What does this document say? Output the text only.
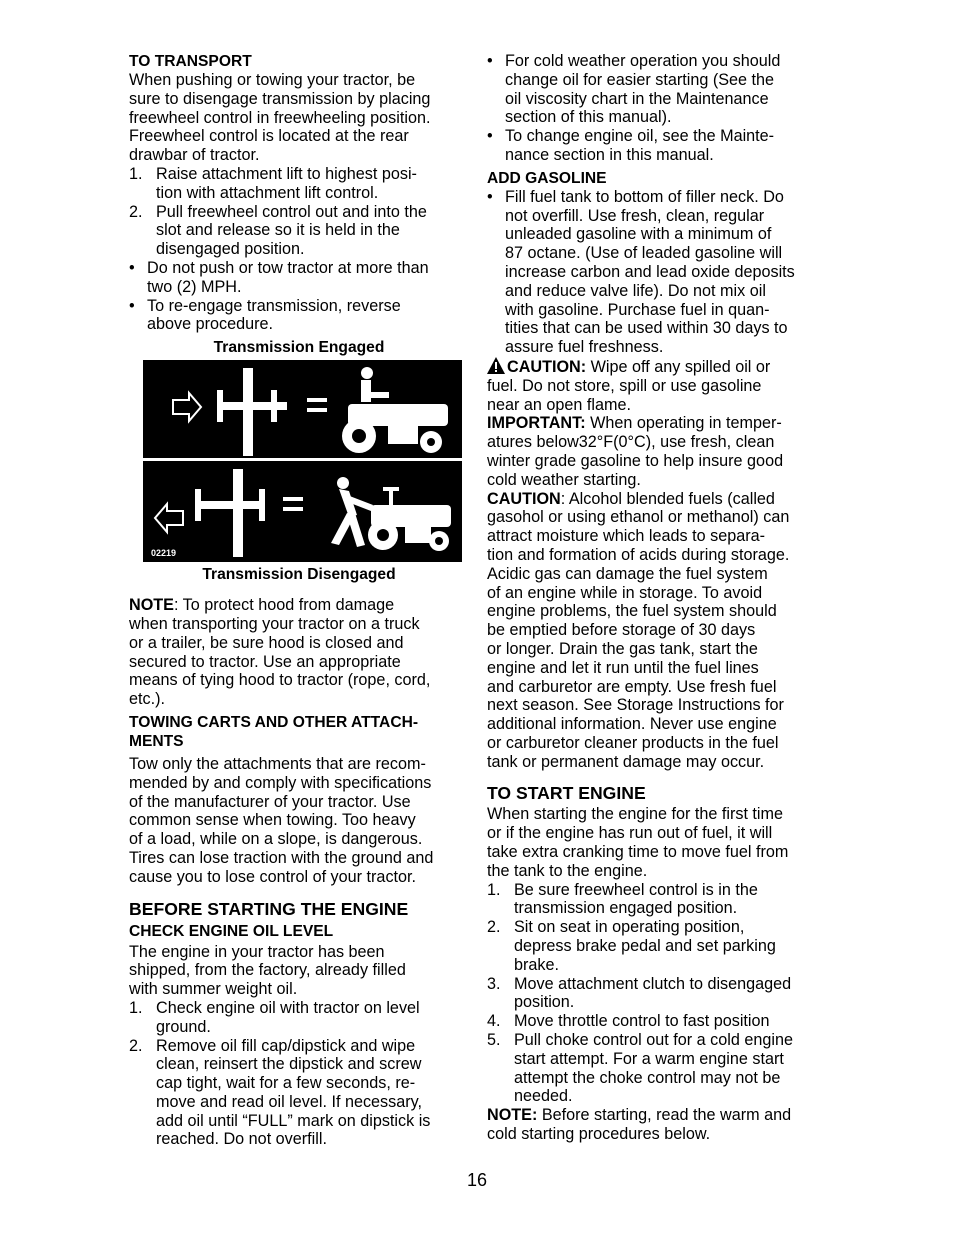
TO TRANSPORT
When pushing or towing your tractor, be
sure to disengage transmission by placing
freewheel control in freewheeling position.
Freewheel control is located at the rear
drawbar of tractor.
1. Raise attachment lift to highest posi-
tion with attachment lift control.
2. Pull freewheel control out and into the
slot and release so it is held in the
disengaged position.
• Do not push or tow tractor at more than
two (2) MPH.
• To re-engage transmission, reverse
above procedure.
Transmission Engaged
02219
Transmission Disengaged
NOTE: To protect hood from damage
when transporting your tractor on a truck
or a trailer, be sure hood is closed and
secured to tractor. Use an appropriate
means of tying hood to tractor (rope, cord,
etc.).
TOWING CARTS AND OTHER ATTACH-
MENTS
Tow only the attachments that are recom-
mended by and comply with specifications
of the manufacturer of your tractor. Use
common sense when towing. Too heavy
of a load, while on a slope, is dangerous.
Tires can lose traction with the ground and
cause you to lose control of your tractor.
BEFORE STARTING THE ENGINE
CHECK ENGINE OIL LEVEL
The engine in your tractor has been
shipped, from the factory, already filled
with summer weight oil.
1. Check engine oil with tractor on level
ground.
2. Remove oil fill cap/dipstick and wipe
clean, reinsert the dipstick and screw
cap tight, wait for a few seconds, re-
move and read oil level. If necessary,
add oil until “FULL” mark on dipstick is
reached. Do not overfill.
• For cold weather operation you should
change oil for easier starting (See the
oil viscosity chart in the Maintenance
section of this manual).
• To change engine oil, see the Mainte-
nance section in this manual.
ADD GASOLINE
• Fill fuel tank to bottom of filler neck. Do
not overfill. Use fresh, clean, regular
unleaded gasoline with a minimum of
87 octane. (Use of leaded gasoline will
increase carbon and lead oxide deposits
and reduce valve life). Do not mix oil
with gasoline. Purchase fuel in quan-
tities that can be used within 30 days to
assure fuel freshness.
CAUTION: Wipe off any spilled oil or
fuel. Do not store, spill or use gasoline
near an open flame.
IMPORTANT: When operating in temper-
atures below32°F(0°C), use fresh, clean
winter grade gasoline to help insure good
cold weather starting.
CAUTION: Alcohol blended fuels (called
gasohol or using ethanol or methanol) can
attract moisture which leads to separa-
tion and formation of acids during storage.
Acidic gas can damage the fuel system
of an engine while in storage. To avoid
engine problems, the fuel system should
be emptied before storage of 30 days
or longer. Drain the gas tank, start the
engine and let it run until the fuel lines
and carburetor are empty. Use fresh fuel
next season. See Storage Instructions for
additional information. Never use engine
or carburetor cleaner products in the fuel
tank or permanent damage may occur.
TO START ENGINE
When starting the engine for the first time
or if the engine has run out of fuel, it will
take extra cranking time to move fuel from
the tank to the engine.
1. Be sure freewheel control is in the
transmission engaged position.
2. Sit on seat in operating position,
depress brake pedal and set parking
brake.
3. Move attachment clutch to disengaged
position.
4. Move throttle control to fast position
5. Pull choke control out for a cold engine
start attempt. For a warm engine start
attempt the choke control may not be
needed.
NOTE: Before starting, read the warm and
cold starting procedures below.
16
